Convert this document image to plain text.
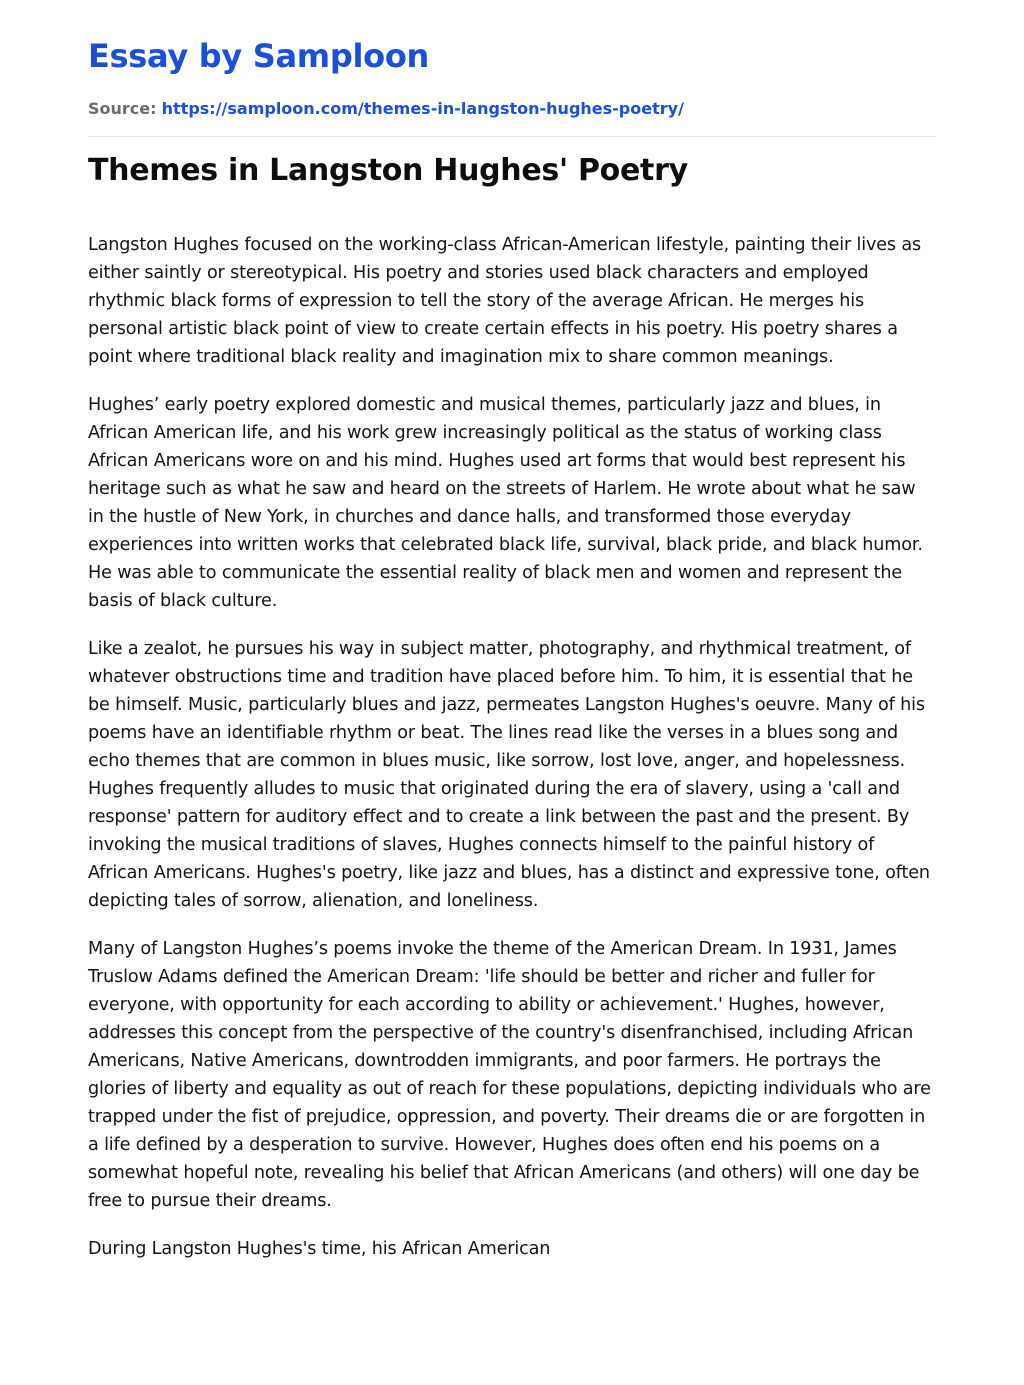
Essay by Samploon
Source: https://samploon.com/themes-in-langston-hughes-poetry/
Themes in Langston Hughes' Poetry

Langston Hughes focused on the working-class African-American lifestyle, painting their lives as either saintly or stereotypical. His poetry and stories used black characters and employed rhythmic black forms of expression to tell the story of the average African. He merges his personal artistic black point of view to create certain effects in his poetry. His poetry shares a point where traditional black reality and imagination mix to share common meanings.

Hughes’ early poetry explored domestic and musical themes, particularly jazz and blues, in African American life, and his work grew increasingly political as the status of working class African Americans wore on and his mind. Hughes used art forms that would best represent his heritage such as what he saw and heard on the streets of Harlem. He wrote about what he saw in the hustle of New York, in churches and dance halls, and transformed those everyday experiences into written works that celebrated black life, survival, black pride, and black humor. He was able to communicate the essential reality of black men and women and represent the basis of black culture.

Like a zealot, he pursues his way in subject matter, photography, and rhythmical treatment, of whatever obstructions time and tradition have placed before him. To him, it is essential that he be himself. Music, particularly blues and jazz, permeates Langston Hughes's oeuvre. Many of his poems have an identifiable rhythm or beat. The lines read like the verses in a blues song and echo themes that are common in blues music, like sorrow, lost love, anger, and hopelessness. Hughes frequently alludes to music that originated during the era of slavery, using a 'call and response' pattern for auditory effect and to create a link between the past and the present. By invoking the musical traditions of slaves, Hughes connects himself to the painful history of African Americans. Hughes's poetry, like jazz and blues, has a distinct and expressive tone, often depicting tales of sorrow, alienation, and loneliness.

Many of Langston Hughes’s poems invoke the theme of the American Dream. In 1931, James Truslow Adams defined the American Dream: 'life should be better and richer and fuller for everyone, with opportunity for each according to ability or achievement.' Hughes, however, addresses this concept from the perspective of the country's disenfranchised, including African Americans, Native Americans, downtrodden immigrants, and poor farmers. He portrays the glories of liberty and equality as out of reach for these populations, depicting individuals who are trapped under the fist of prejudice, oppression, and poverty. Their dreams die or are forgotten in a life defined by a desperation to survive. However, Hughes does often end his poems on a somewhat hopeful note, revealing his belief that African Americans (and others) will one day be free to pursue their dreams.

During Langston Hughes's time, his African American
